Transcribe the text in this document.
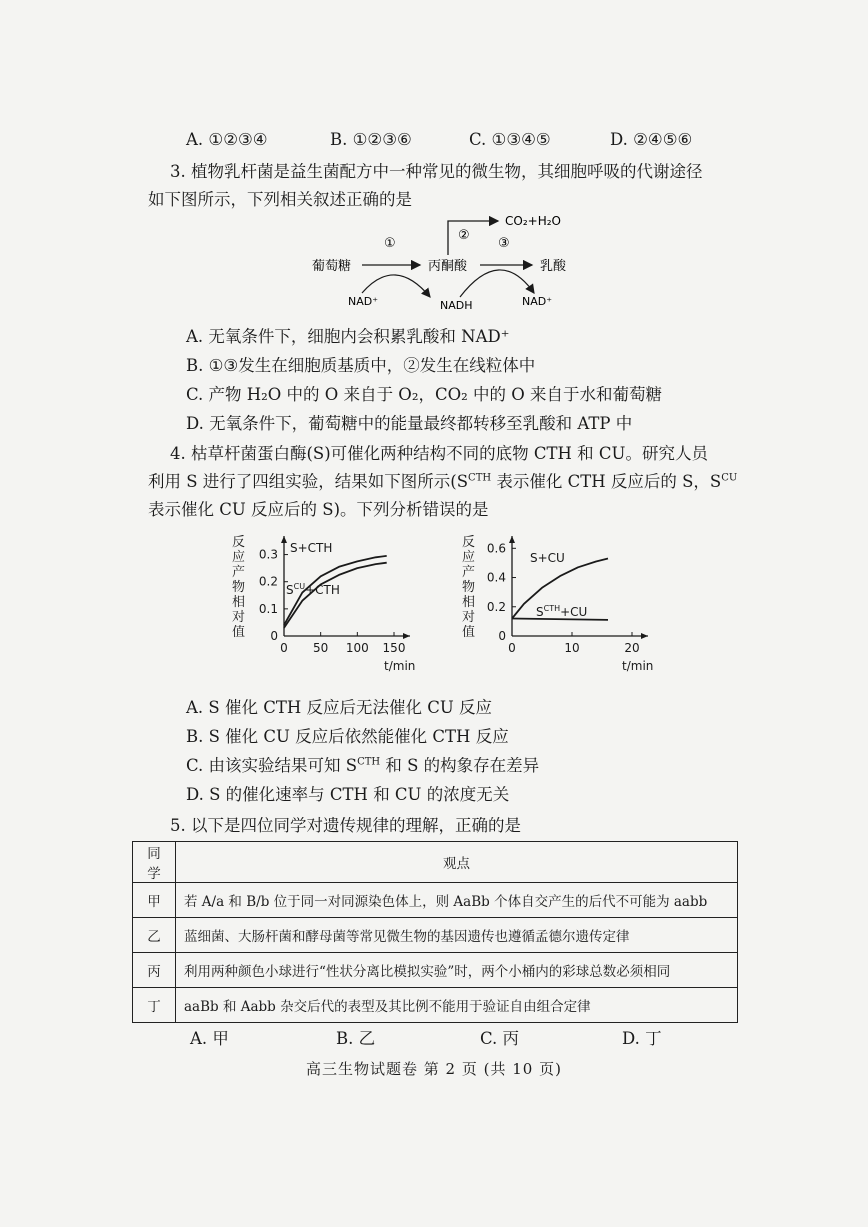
A. ①②③④	B. ①②③⑥	C. ①③④⑤	D. ②④⑤⑥
3. 植物乳杆菌是益生菌配方中一种常见的微生物，其细胞呼吸的代谢途径
如下图所示，下列相关叙述正确的是
葡萄糖	丙酮酸	乳酸
CO₂+H₂O
NAD⁺	NADH	NAD⁺
①
②
③
A. 无氧条件下，细胞内会积累乳酸和 NAD⁺
B. ①③发生在细胞质基质中，②发生在线粒体中
C. 产物 H₂O 中的 O 来自于 O₂，CO₂ 中的 O 来自于水和葡萄糖
D. 无氧条件下，葡萄糖中的能量最终都转移至乳酸和 ATP 中
4. 枯草杆菌蛋白酶(S)可催化两种结构不同的底物 CTH 和 CU。研究人员
利用 S 进行了四组实验，结果如下图所示($S^{CTH}$ 表示催化 CTH 反应后的 S，$S^{CU}$
表示催化 CU 反应后的 S)。下列分析错误的是
反
应
产
物
相
对
值
0 50 100 150
0
0.1
0.2
0.3
t/min
S+CTH
$S^{CU}+CTH$
反
应
产
物
相
对
值
0	10	20
0
0.2
0.4
0.6
t/min
S+CU
$S^{CTH}+CU$
A. S 催化 CTH 反应后无法催化 CU 反应
B. S 催化 CU 反应后依然能催化 CTH 反应
C. 由该实验结果可知 $S^{CTH}$ 和 S 的构象存在差异
D. S 的催化速率与 CTH 和 CU 的浓度无关
5. 以下是四位同学对遗传规律的理解，正确的是
同学	观点
甲	若 A/a 和 B/b 位于同一对同源染色体上，则 AaBb 个体自交产生的后代不可能为 aabb
乙	蓝细菌、大肠杆菌和酵母菌等常见微生物的基因遗传也遵循孟德尔遗传定律
丙	利用两种颜色小球进行“性状分离比模拟实验”时，两个小桶内的彩球总数必须相同
丁	aaBb 和 Aabb 杂交后代的表型及其比例不能用于验证自由组合定律
A. 甲	B. 乙	C. 丙	D. 丁
高三生物试题卷 第 2 页 (共 10 页)
